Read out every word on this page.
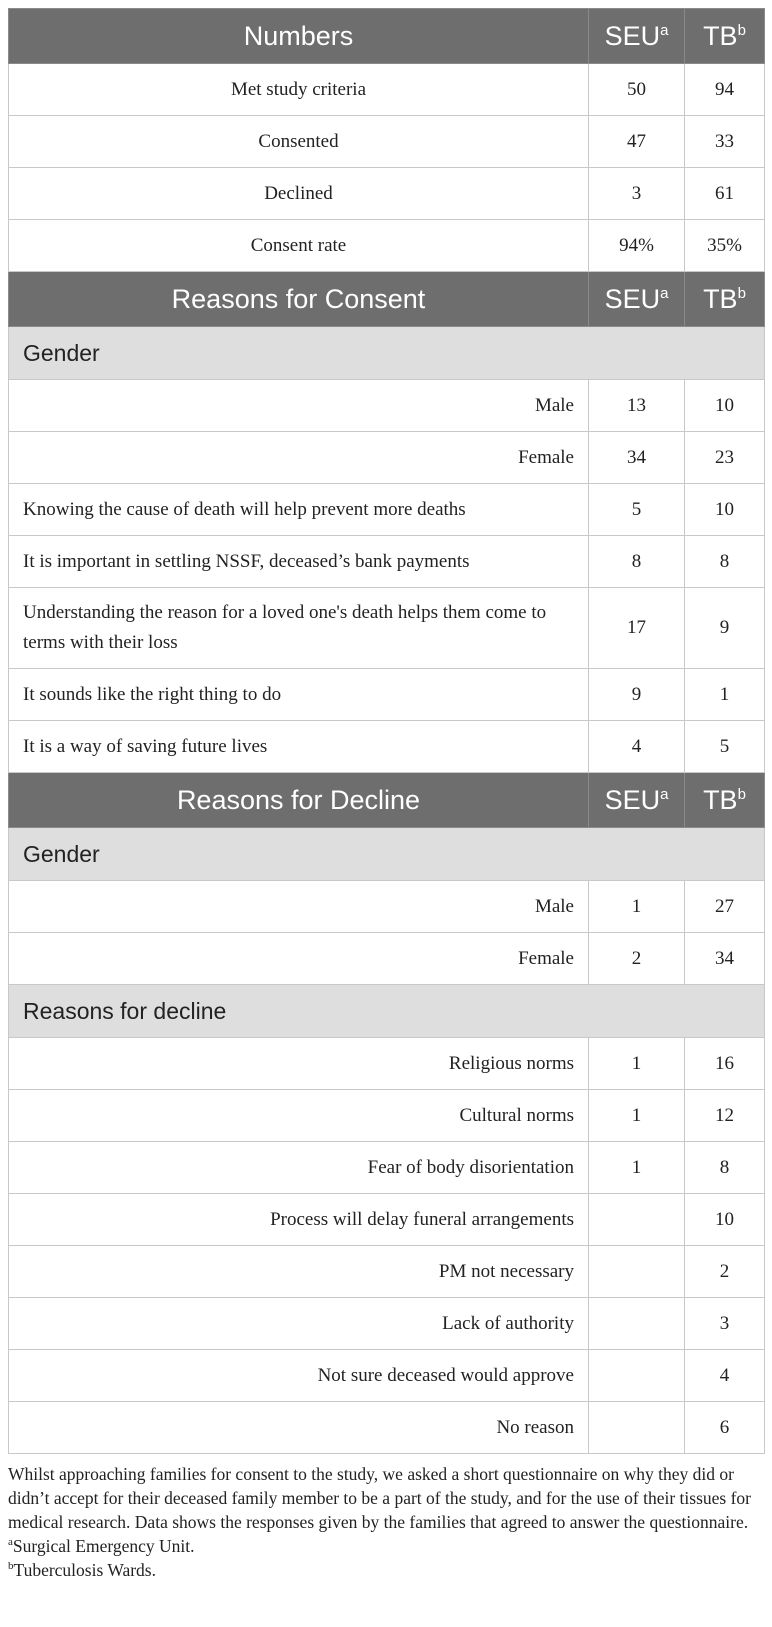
Numbers	SEU$^a$	$TB^b$
Met study criteria	50	94
Consented	47	33
Declined	3	61
Consent rate	94%	35%
Reasons for Consent	SEU$^a$	$TB^b$
Gender		
Male	13	10
Female	34	23
Knowing the cause of death will help prevent more deaths	5	10
It is important in settling NSSF, deceased’s bank payments	8	8
Understanding the reason for a loved one's death helps them come to terms with their loss	17	9
It sounds like the right thing to do	9	1
It is a way of saving future lives	4	5
Reasons for Decline	SEU$^a$	$TB^b$
Gender		
Male	1	27
Female	2	34
Reasons for decline		
Religious norms	1	16
Cultural norms	1	12
Fear of body disorientation	1	8
Process will delay funeral arrangements		10
PM not necessary		2
Lack of authority		3
Not sure deceased would approve		4
No reason		6
Whilst approaching families for consent to the study, we asked a short questionnaire on why they did or didn’t accept for their deceased family member to be a part of the study, and for the use of their tissues for medical research. Data shows the responses given by the families that agreed to answer the questionnaire.
$^a$Surgical Emergency Unit.
$^b$Tuberculosis Wards.
